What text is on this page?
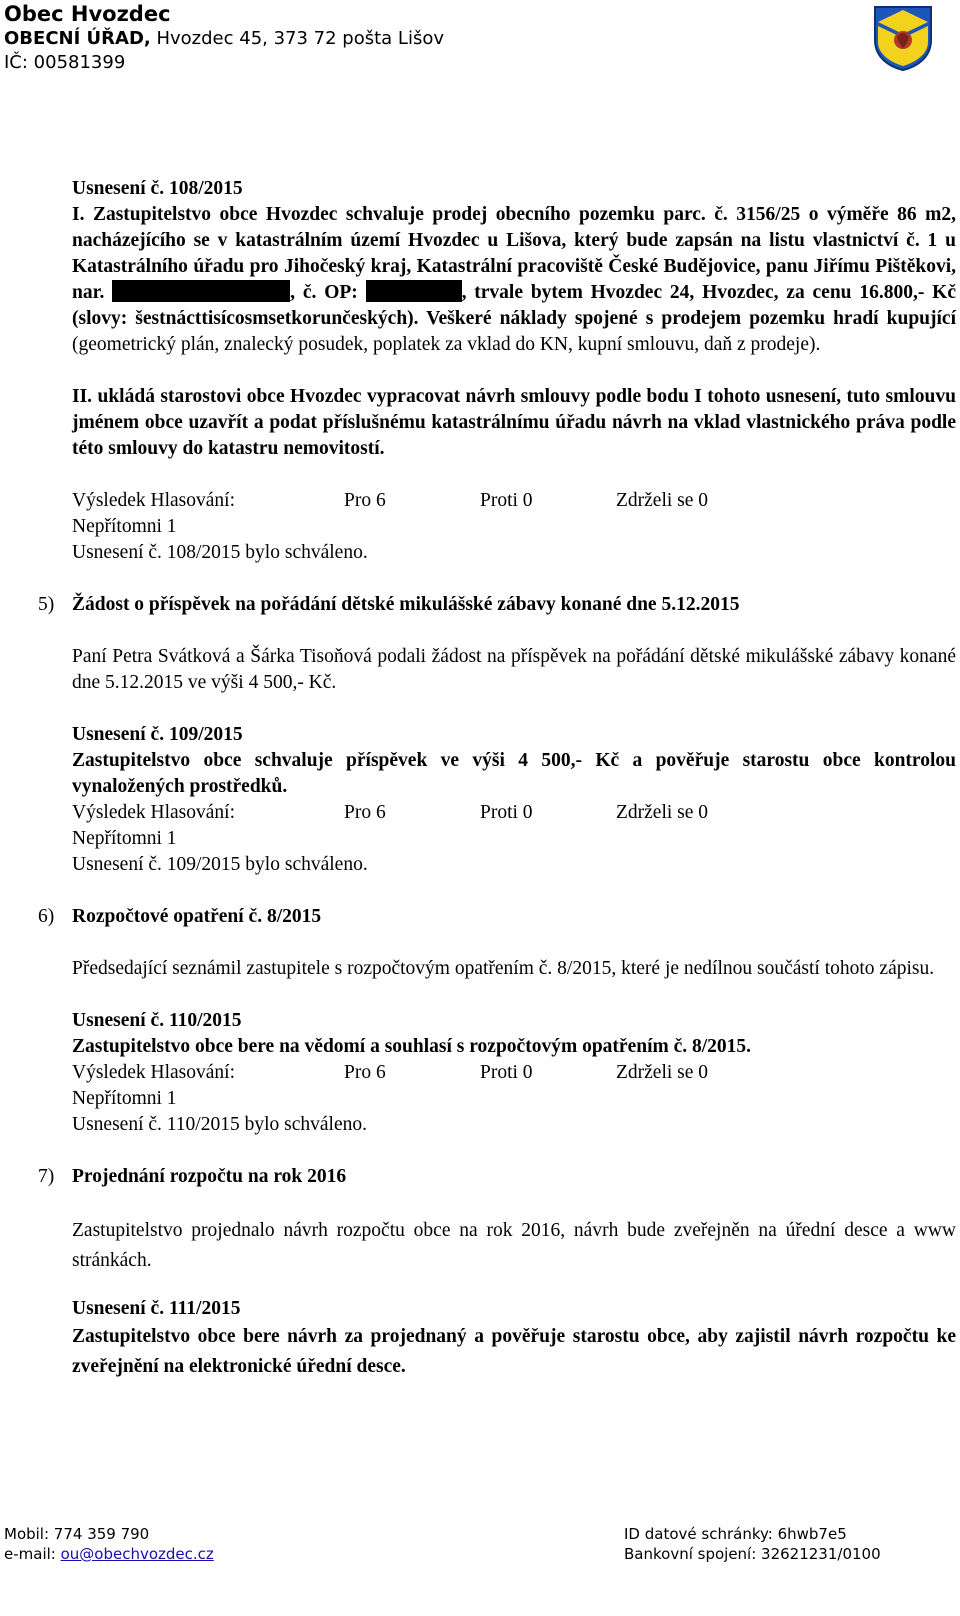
Obec Hvozdec
OBECNÍ ÚŘAD, Hvozdec 45, 373 72 pošta Lišov
IČ: 00581399

Usnesení č. 108/2015

I. Zastupitelstvo obce Hvozdec schvaluje prodej obecního pozemku parc. č. 3156/25 o výměře 86 m2, nacházejícího se v katastrálním území Hvozdec u Lišova, který bude zapsán na listu vlastnictví č. 1 u Katastrálního úřadu pro Jihočeský kraj, Katastrální pracoviště České Budějovice, panu Jiřímu Pištěkovi, nar.	, č. OP:	, trvale bytem Hvozdec 24, Hvozdec, za cenu 16.800,- Kč (slovy: šestnácttisícosmsetkorunčeských). Veškeré náklady spojené s prodejem pozemku hradí kupující (geometrický plán, znalecký posudek, poplatek za vklad do KN, kupní smlouvu, daň z prodeje).

II. ukládá starostovi obce Hvozdec vypracovat návrh smlouvy podle bodu I tohoto usnesení, tuto smlouvu jménem obce uzavřít a podat příslušnému katastrálnímu úřadu návrh na vklad vlastnického práva podle této smlouvy do katastru nemovitostí.

Výsledek Hlasování:	Pro 6	Proti 0	Zdrželi se 0

Nepřítomni 1

Usnesení č. 108/2015 bylo schváleno.

5) Žádost o příspěvek na pořádání dětské mikulášské zábavy konané dne 5.12.2015

Paní Petra Svátková a Šárka Tisoňová podali žádost na příspěvek na pořádání dětské mikulášské zábavy konané dne 5.12.2015 ve výši 4 500,- Kč.

Usnesení č. 109/2015

Zastupitelstvo obce schvaluje příspěvek ve výši 4 500,- Kč a pověřuje starostu obce kontrolou vynaložených prostředků.

Výsledek Hlasování:	Pro 6	Proti 0	Zdrželi se 0

Nepřítomni 1

Usnesení č. 109/2015 bylo schváleno.

6) Rozpočtové opatření č. 8/2015

Předsedající seznámil zastupitele s rozpočtovým opatřením č. 8/2015, které je nedílnou součástí tohoto zápisu.

Usnesení č. 110/2015

Zastupitelstvo obce bere na vědomí a souhlasí s rozpočtovým opatřením č. 8/2015.

Výsledek Hlasování:	Pro 6	Proti 0	Zdrželi se 0

Nepřítomni 1

Usnesení č. 110/2015 bylo schváleno.

7) Projednání rozpočtu na rok 2016

Zastupitelstvo projednalo návrh rozpočtu obce na rok 2016, návrh bude zveřejněn na úřední desce a www stránkách.

Usnesení č. 111/2015

Zastupitelstvo obce bere návrh za projednaný a pověřuje starostu obce, aby zajistil návrh rozpočtu ke zveřejnění na elektronické úřední desce.

Mobil: 774 359 790
e-mail: ou@obechvozdec.cz
ID datové schránky: 6hwb7e5
Bankovní spojení: 32621231/0100
